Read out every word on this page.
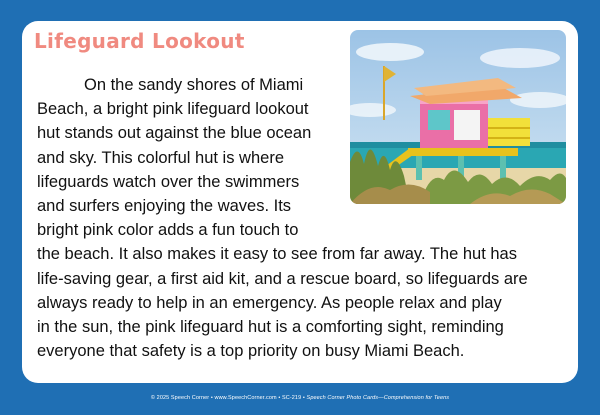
Lifeguard Lookout
On the sandy shores of Miami
Beach, a bright pink lifeguard lookout
hut stands out against the blue ocean
and sky. This colorful hut is where
lifeguards watch over the swimmers
and surfers enjoying the waves. Its
bright pink color adds a fun touch to
the beach. It also makes it easy to see from far away. The hut has
life-saving gear, a first aid kit, and a rescue board, so lifeguards are
always ready to help in an emergency. As people relax and play
in the sun, the pink lifeguard hut is a comforting sight, reminding
everyone that safety is a top priority on busy Miami Beach.
© 2025 Speech Corner • www.SpeechCorner.com • SC-219 • Speech Corner Photo Cards—Comprehension for Teens
